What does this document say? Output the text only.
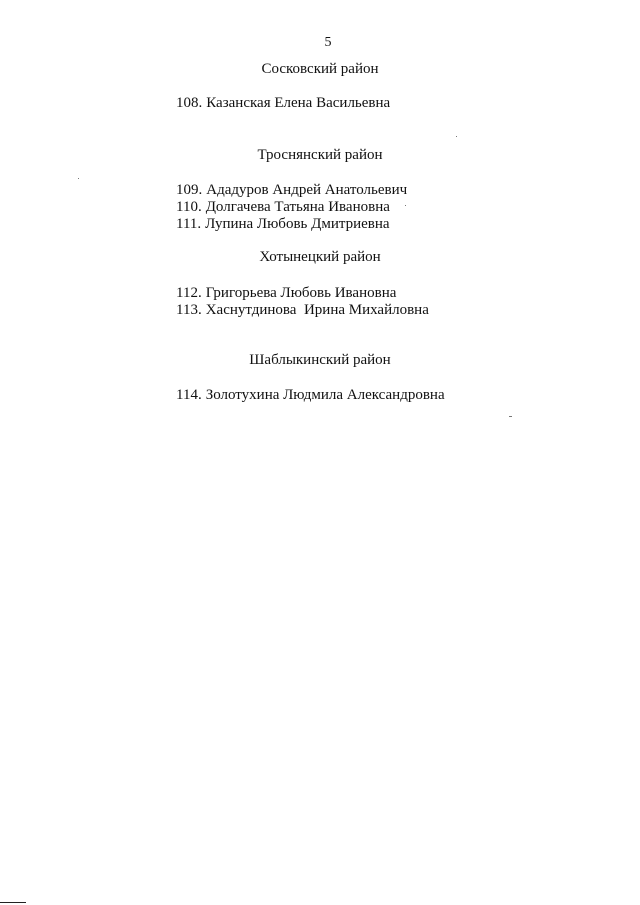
5
Сосковский район
108. Казанская Елена Васильевна
Троснянский район
109. Ададуров Андрей Анатольевич
110. Долгачева Татьяна Ивановна
111. Лупина Любовь Дмитриевна
Хотынецкий район
112. Григорьева Любовь Ивановна
113. Хаснутдинова  Ирина Михайловна
Шаблыкинский район
114. Золотухина Людмила Александровна
